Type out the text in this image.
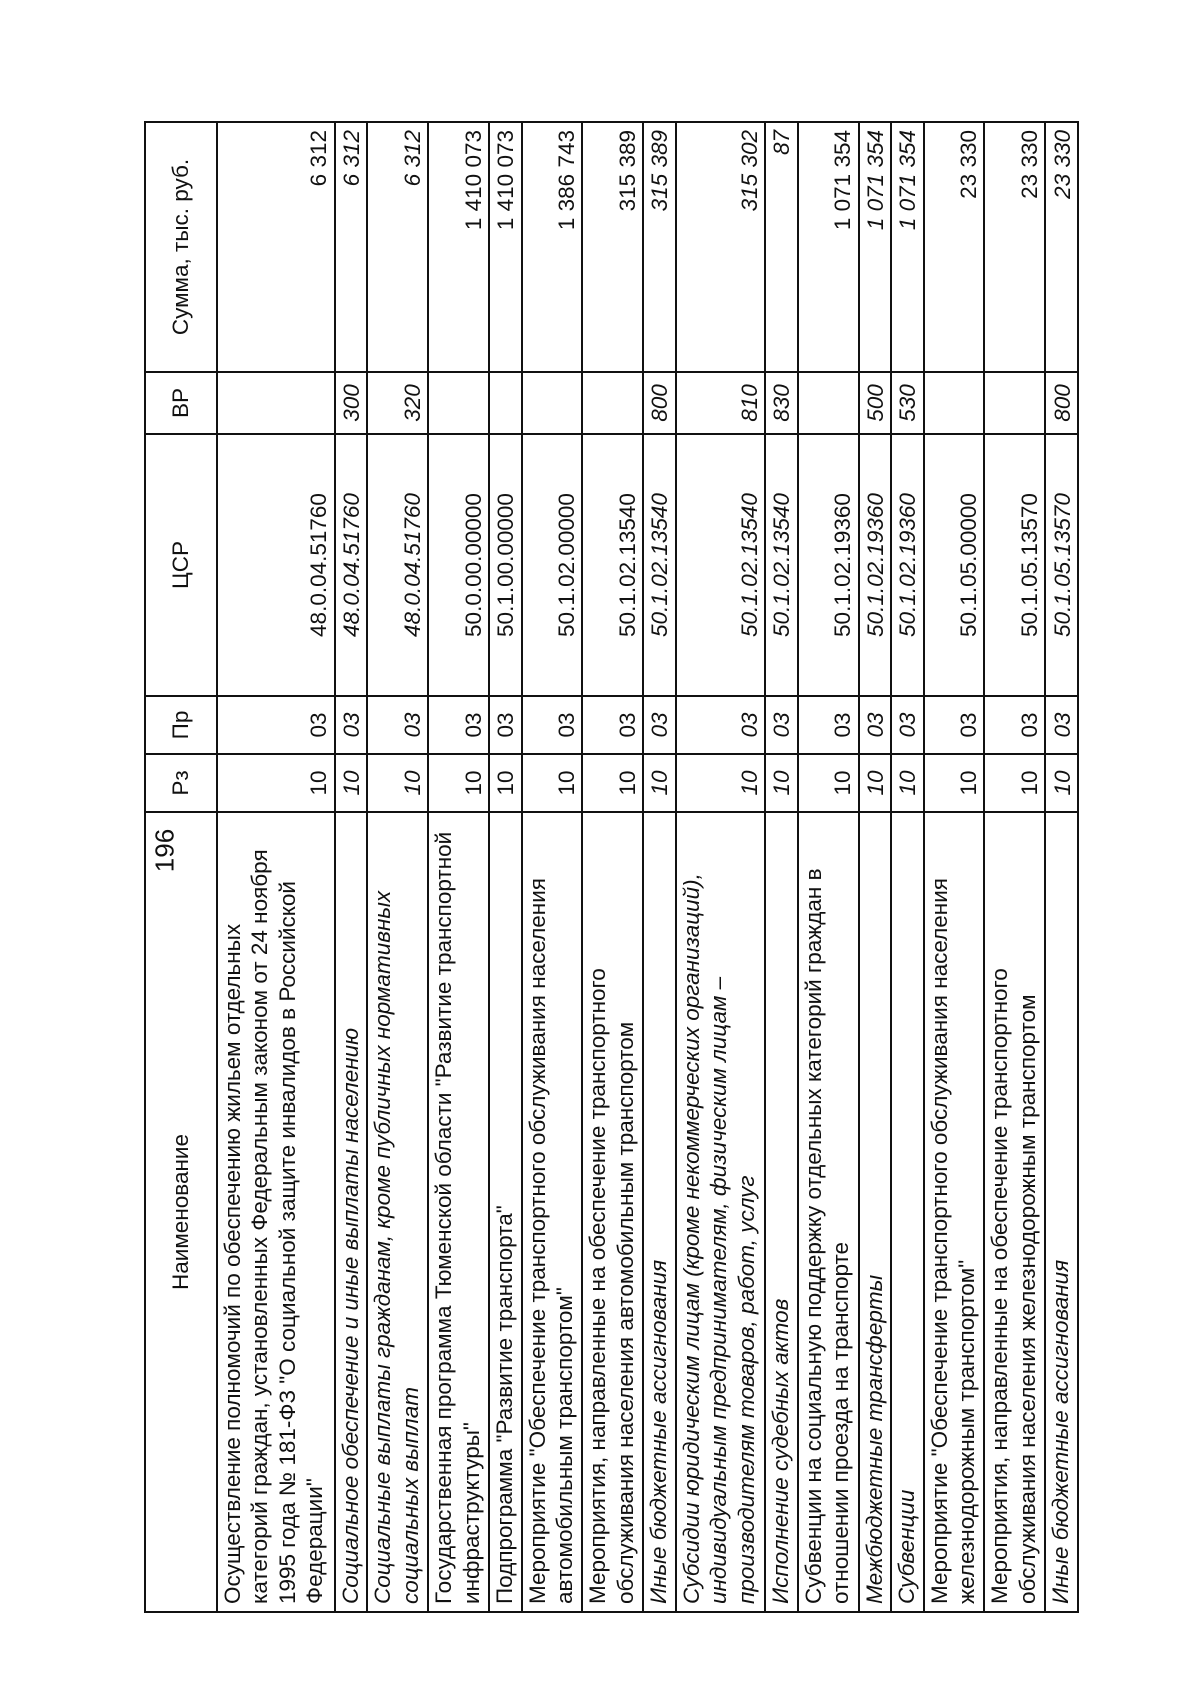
196
Наименование	Рз	Пр	ЦСР	ВР	Сумма, тыс. руб.
Осуществление полномочий по обеспечению жильем отдельных категорий граждан, установленных Федеральным законом от 24 ноября 1995 года № 181-ФЗ "О социальной защите инвалидов в Российской Федерации"	10	03	48.0.04.51760		6 312
Социальное обеспечение и иные выплаты населению	10	03	48.0.04.51760	300	6 312
Социальные выплаты гражданам, кроме публичных нормативных социальных выплат	10	03	48.0.04.51760	320	6 312
Государственная программа Тюменской области "Развитие транспортной инфраструктуры"	10	03	50.0.00.00000		1 410 073
Подпрограмма "Развитие транспорта"	10	03	50.1.00.00000		1 410 073
Мероприятие "Обеспечение транспортного обслуживания населения автомобильным транспортом"	10	03	50.1.02.00000		1 386 743
Мероприятия, направленные на обеспечение транспортного обслуживания населения автомобильным транспортом	10	03	50.1.02.13540		315 389
Иные бюджетные ассигнования	10	03	50.1.02.13540	800	315 389
Субсидии юридическим лицам (кроме некоммерческих организаций), индивидуальным предпринимателям, физическим лицам – производителям товаров, работ, услуг	10	03	50.1.02.13540	810	315 302
Исполнение судебных актов	10	03	50.1.02.13540	830	87
Субвенции на социальную поддержку отдельных категорий граждан в отношении проезда на транспорте	10	03	50.1.02.19360		1 071 354
Межбюджетные трансферты	10	03	50.1.02.19360	500	1 071 354
Субвенции	10	03	50.1.02.19360	530	1 071 354
Мероприятие "Обеспечение транспортного обслуживания населения железнодорожным транспортом"	10	03	50.1.05.00000		23 330
Мероприятия, направленные на обеспечение транспортного обслуживания населения железнодорожным транспортом	10	03	50.1.05.13570		23 330
Иные бюджетные ассигнования	10	03	50.1.05.13570	800	23 330
